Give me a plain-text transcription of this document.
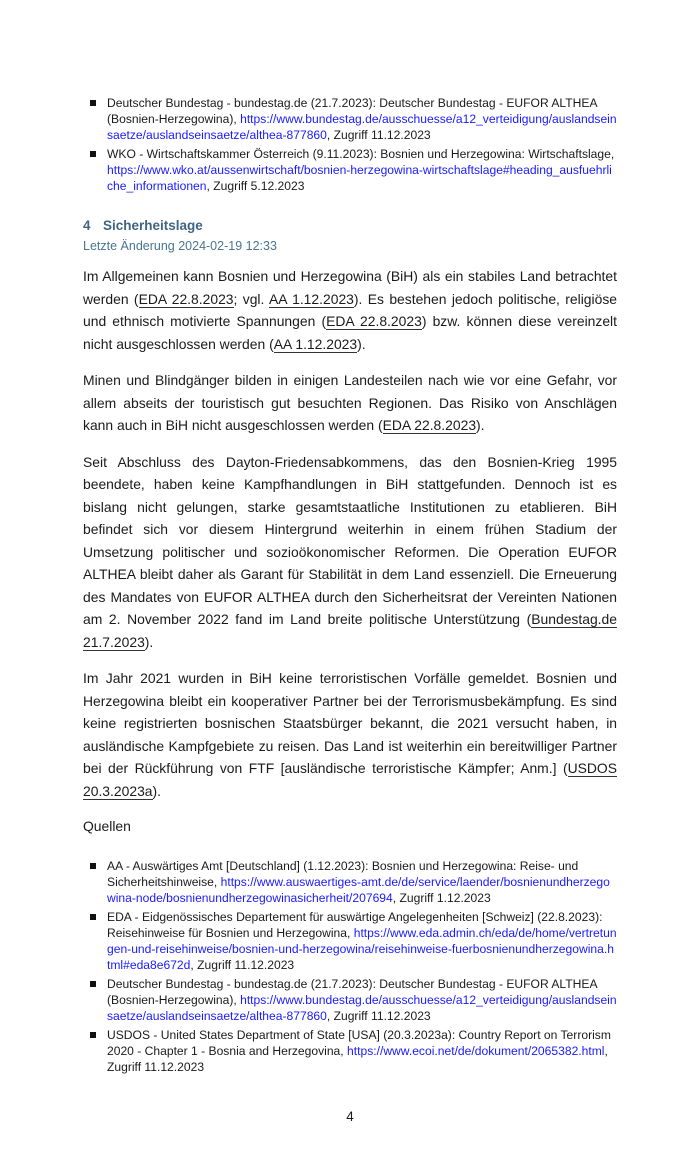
Deutscher Bundestag - bundestag.de (21.7.2023): Deutscher Bundestag - EUFOR ALTHEA (Bosnien-Herzegowina), https://www.bundestag.de/ausschuesse/a12_verteidigung/auslandseinsaetze/auslandseinsaetze/althea-877860, Zugriff 11.12.2023
WKO - Wirtschaftskammer Österreich (9.11.2023): Bosnien und Herzegowina: Wirtschaftslage, https://www.wko.at/aussenwirtschaft/bosnien-herzegowina-wirtschaftslage#heading_ausfuehrliche_informationen, Zugriff 5.12.2023
4 Sicherheitslage
Letzte Änderung 2024-02-19 12:33

Im Allgemeinen kann Bosnien und Herzegowina (BiH) als ein stabiles Land betrachtet werden (EDA 22.8.2023; vgl. AA 1.12.2023). Es bestehen jedoch politische, religiöse und ethnisch motivierte Spannungen (EDA 22.8.2023) bzw. können diese vereinzelt nicht ausgeschlossen werden (AA 1.12.2023).

Minen und Blindgänger bilden in einigen Landesteilen nach wie vor eine Gefahr, vor allem abseits der touristisch gut besuchten Regionen. Das Risiko von Anschlägen kann auch in BiH nicht ausgeschlossen werden (EDA 22.8.2023).

Seit Abschluss des Dayton-Friedensabkommens, das den Bosnien-Krieg 1995 beendete, haben keine Kampfhandlungen in BiH stattgefunden. Dennoch ist es bislang nicht gelungen, starke gesamtstaatliche Institutionen zu etablieren. BiH befindet sich vor diesem Hintergrund weiterhin in einem frühen Stadium der Umsetzung politischer und sozioökonomischer Reformen. Die Operation EUFOR ALTHEA bleibt daher als Garant für Stabilität in dem Land essenziell. Die Erneuerung des Mandates von EUFOR ALTHEA durch den Sicherheitsrat der Vereinten Nationen am 2. November 2022 fand im Land breite politische Unterstützung (Bundestag.de 21.7.2023).

Im Jahr 2021 wurden in BiH keine terroristischen Vorfälle gemeldet. Bosnien und Herzegowina bleibt ein kooperativer Partner bei der Terrorismusbekämpfung. Es sind keine registrierten bosnischen Staatsbürger bekannt, die 2021 versucht haben, in ausländische Kampfgebiete zu reisen. Das Land ist weiterhin ein bereitwilliger Partner bei der Rückführung von FTF [ausländische terroristische Kämpfer; Anm.] (USDOS 20.3.2023a).

Quellen
AA - Auswärtiges Amt [Deutschland] (1.12.2023): Bosnien und Herzegowina: Reise- und Sicherheitshinweise, https://www.auswaertiges-amt.de/de/service/laender/bosnienundherzegowina-node/bosnienundherzegowinasicherheit/207694, Zugriff 1.12.2023
EDA - Eidgenössisches Departement für auswärtige Angelegenheiten [Schweiz] (22.8.2023): Reisehinweise für Bosnien und Herzegowina, https://www.eda.admin.ch/eda/de/home/vertretungen-und-reisehinweise/bosnien-und-herzegowina/reisehinweise-fuerbosnienundherzegowina.html#eda8e672d, Zugriff 11.12.2023
Deutscher Bundestag - bundestag.de (21.7.2023): Deutscher Bundestag - EUFOR ALTHEA (Bosnien-Herzegowina), https://www.bundestag.de/ausschuesse/a12_verteidigung/auslandseinsaetze/auslandseinsaetze/althea-877860, Zugriff 11.12.2023
USDOS - United States Department of State [USA] (20.3.2023a): Country Report on Terrorism 2020 - Chapter 1 - Bosnia and Herzegovina, https://www.ecoi.net/de/dokument/2065382.html, Zugriff 11.12.2023
4
